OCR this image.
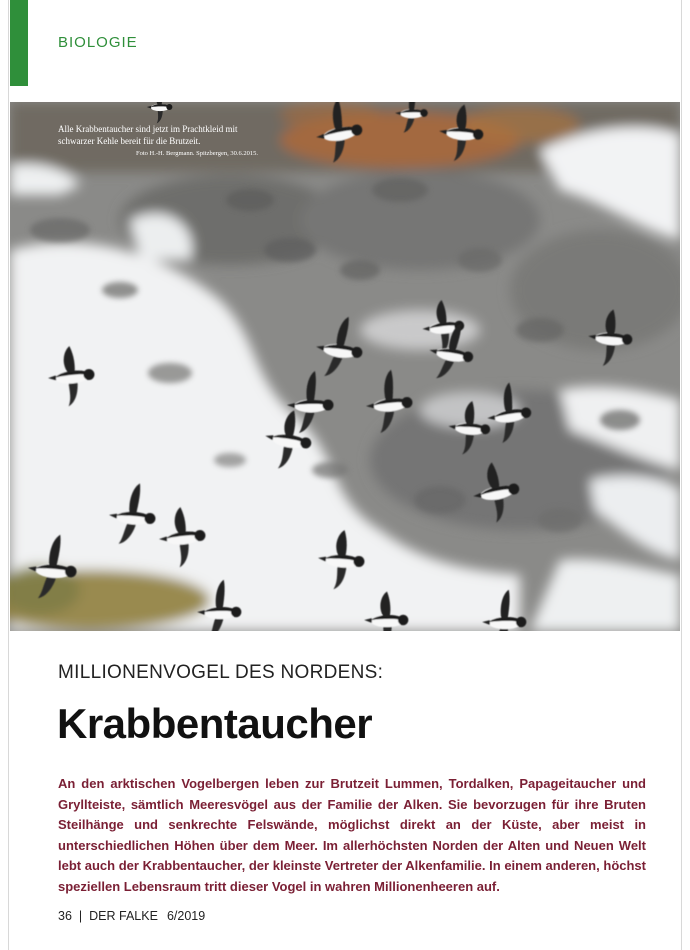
BIOLOGIE
Alle Krabbentaucher sind jetzt im Prachtkleid mit schwarzer Kehle bereit für die Brutzeit.
Foto H.-H. Bergmann. Spitzbergen, 30.6.2015.
MILLIONENVOGEL DES NORDENS:
Krabbentaucher
An den arktischen Vogelbergen leben zur Brutzeit Lummen, Tordalken, Papageitaucher und Gryllteiste, sämtlich Meeresvögel aus der Familie der Alken. Sie bevorzugen für ihre Bruten Steilhänge und senkrechte Felswände, möglichst direkt an der Küste, aber meist in unterschiedlichen Höhen über dem Meer. Im allerhöchsten Norden der Alten und Neuen Welt lebt auch der Krabbentaucher, der kleinste Vertreter der Alkenfamilie. In einem anderen, höchst speziellen Lebensraum tritt dieser Vogel in wahren Millionenheeren auf.
36 | DER FALKE 6/2019
